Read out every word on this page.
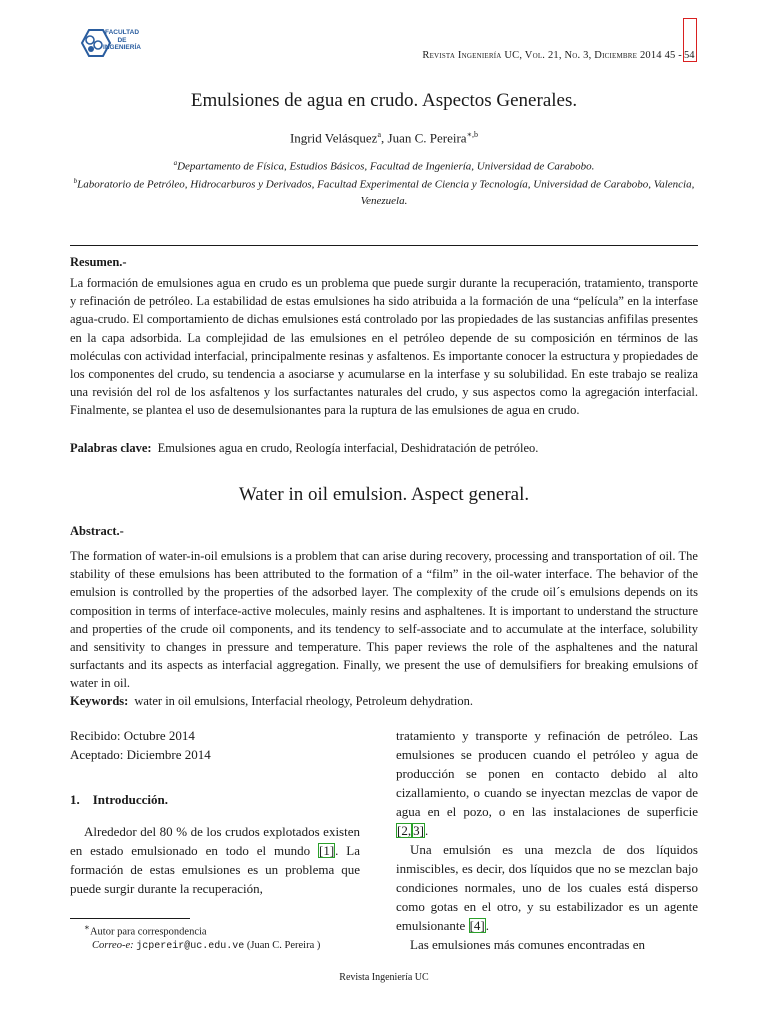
FACULTAD DE INGENIERÍA
Revista Ingeniería UC, Vol. 21, No. 3, Diciembre 2014 45 - 54
Emulsiones de agua en crudo. Aspectos Generales.
Ingrid Velásquez$^a$, Juan C. Pereira$^{∗,b}$
$^a$Departamento de Física, Estudios Básicos, Facultad de Ingeniería, Universidad de Carabobo.
$^b$Laboratorio de Petróleo, Hidrocarburos y Derivados, Facultad Experimental de Ciencia y Tecnología, Universidad de Carabobo, Valencia, Venezuela.
Resumen.-
La formación de emulsiones agua en crudo es un problema que puede surgir durante la recuperación, tratamiento, transporte y refinación de petróleo. La estabilidad de estas emulsiones ha sido atribuida a la formación de una “película” en la interfase agua-crudo. El comportamiento de dichas emulsiones está controlado por las propiedades de las sustancias anfifilas presentes en la capa adsorbida. La complejidad de las emulsiones en el petróleo depende de su composición en términos de las moléculas con actividad interfacial, principalmente resinas y asfaltenos. Es importante conocer la estructura y propiedades de los componentes del crudo, su tendencia a asociarse y acumularse en la interfase y su solubilidad. En este trabajo se realiza una revisión del rol de los asfaltenos y los surfactantes naturales del crudo, y sus aspectos como la agregación interfacial. Finalmente, se plantea el uso de desemulsionantes para la ruptura de las emulsiones de agua en crudo.
Palabras clave: Emulsiones agua en crudo, Reología interfacial, Deshidratación de petróleo.
Water in oil emulsion. Aspect general.
Abstract.-
The formation of water-in-oil emulsions is a problem that can arise during recovery, processing and transportation of oil. The stability of these emulsions has been attributed to the formation of a “film” in the oil-water interface. The behavior of the emulsion is controlled by the properties of the adsorbed layer. The complexity of the crude oil´s emulsions depends on its composition in terms of interface-active molecules, mainly resins and asphaltenes. It is important to understand the structure and properties of the crude oil components, and its tendency to self-associate and to accumulate at the interface, solubility and sensitivity to changes in pressure and temperature. This paper reviews the role of the asphaltenes and the natural surfactants and its aspects as interfacial aggregation. Finally, we present the use of demulsifiers for breaking emulsions of water in oil.
Keywords: water in oil emulsions, Interfacial rheology, Petroleum dehydration.
Recibido: Octubre 2014
Aceptado: Diciembre 2014
1.    Introducción.
Alrededor del 80 % de los crudos explotados existen en estado emulsionado en todo el mundo [1]. La formación de estas emulsiones es un problema que puede surgir durante la recuperación,
tratamiento y transporte y refinación de petróleo. Las emulsiones se producen cuando el petróleo y agua de producción se ponen en contacto debido al alto cizallamiento, o cuando se inyectan mezclas de vapor de agua en el pozo, o en las instalaciones de superficie [2, 3].
Una emulsión es una mezcla de dos líquidos inmiscibles, es decir, dos líquidos que no se mezclan bajo condiciones normales, uno de los cuales está disperso como gotas en el otro, y su estabilizador es un agente emulsionante [4].
Las emulsiones más comunes encontradas en
∗Autor para correspondencia
Correo-e: jcpereir@uc.edu.ve (Juan C. Pereira )
Revista Ingeniería UC
